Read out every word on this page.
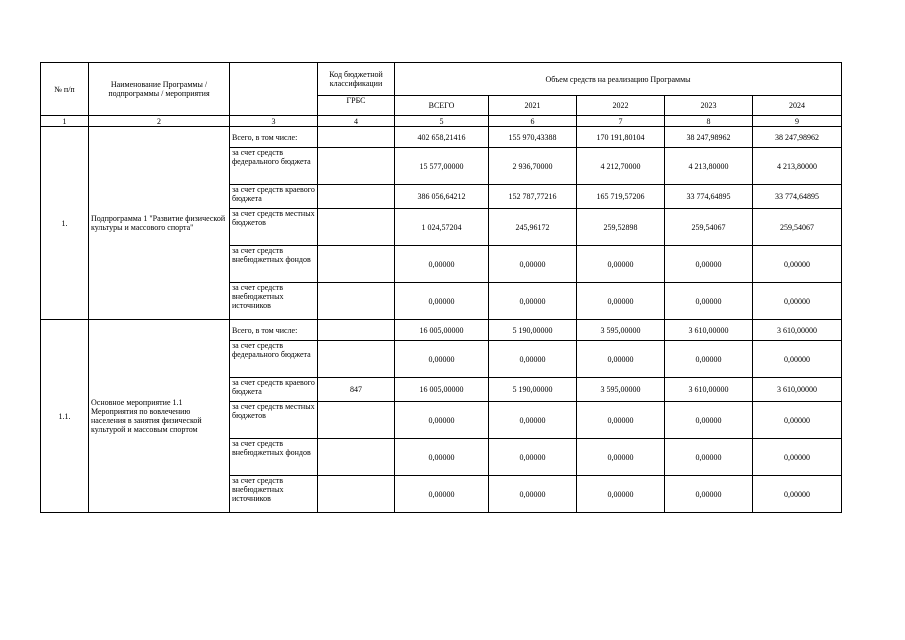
№ п/п	Наименование Программы / подпрограммы / мероприятия		Код бюджетной классификации	Объем средств на реализацию Программы				
			ГРБС	ВСЕГО	2021	2022	2023	2024
1	2	3	4	5	6	7	8	9
1.	Подпрограмма 1 "Развитие физической культуры и массового спорта"	Всего, в том числе:		402 658,21416	155 970,43388	170 191,80104	38 247,98962	38 247,98962
		за счет средств федерального бюджета		15 577,00000	2 936,70000	4 212,70000	4 213,80000	4 213,80000
		за счет средств краевого бюджета		386 056,64212	152 787,77216	165 719,57206	33 774,64895	33 774,64895
		за счет средств местных бюджетов		1 024,57204	245,96172	259,52898	259,54067	259,54067
		за счет средств внебюджетных фондов		0,00000	0,00000	0,00000	0,00000	0,00000
		за счет средств внебюджетных источников		0,00000	0,00000	0,00000	0,00000	0,00000
1.1.	Основное мероприятие 1.1 Мероприятия по вовлечению населения в занятия физической культурой и массовым спортом	Всего, в том числе:		16 005,00000	5 190,00000	3 595,00000	3 610,00000	3 610,00000
		за счет средств федерального бюджета		0,00000	0,00000	0,00000	0,00000	0,00000
		за счет средств краевого бюджета	847	16 005,00000	5 190,00000	3 595,00000	3 610,00000	3 610,00000
		за счет средств местных бюджетов		0,00000	0,00000	0,00000	0,00000	0,00000
		за счет средств внебюджетных фондов		0,00000	0,00000	0,00000	0,00000	0,00000
		за счет средств внебюджетных источников		0,00000	0,00000	0,00000	0,00000	0,00000
